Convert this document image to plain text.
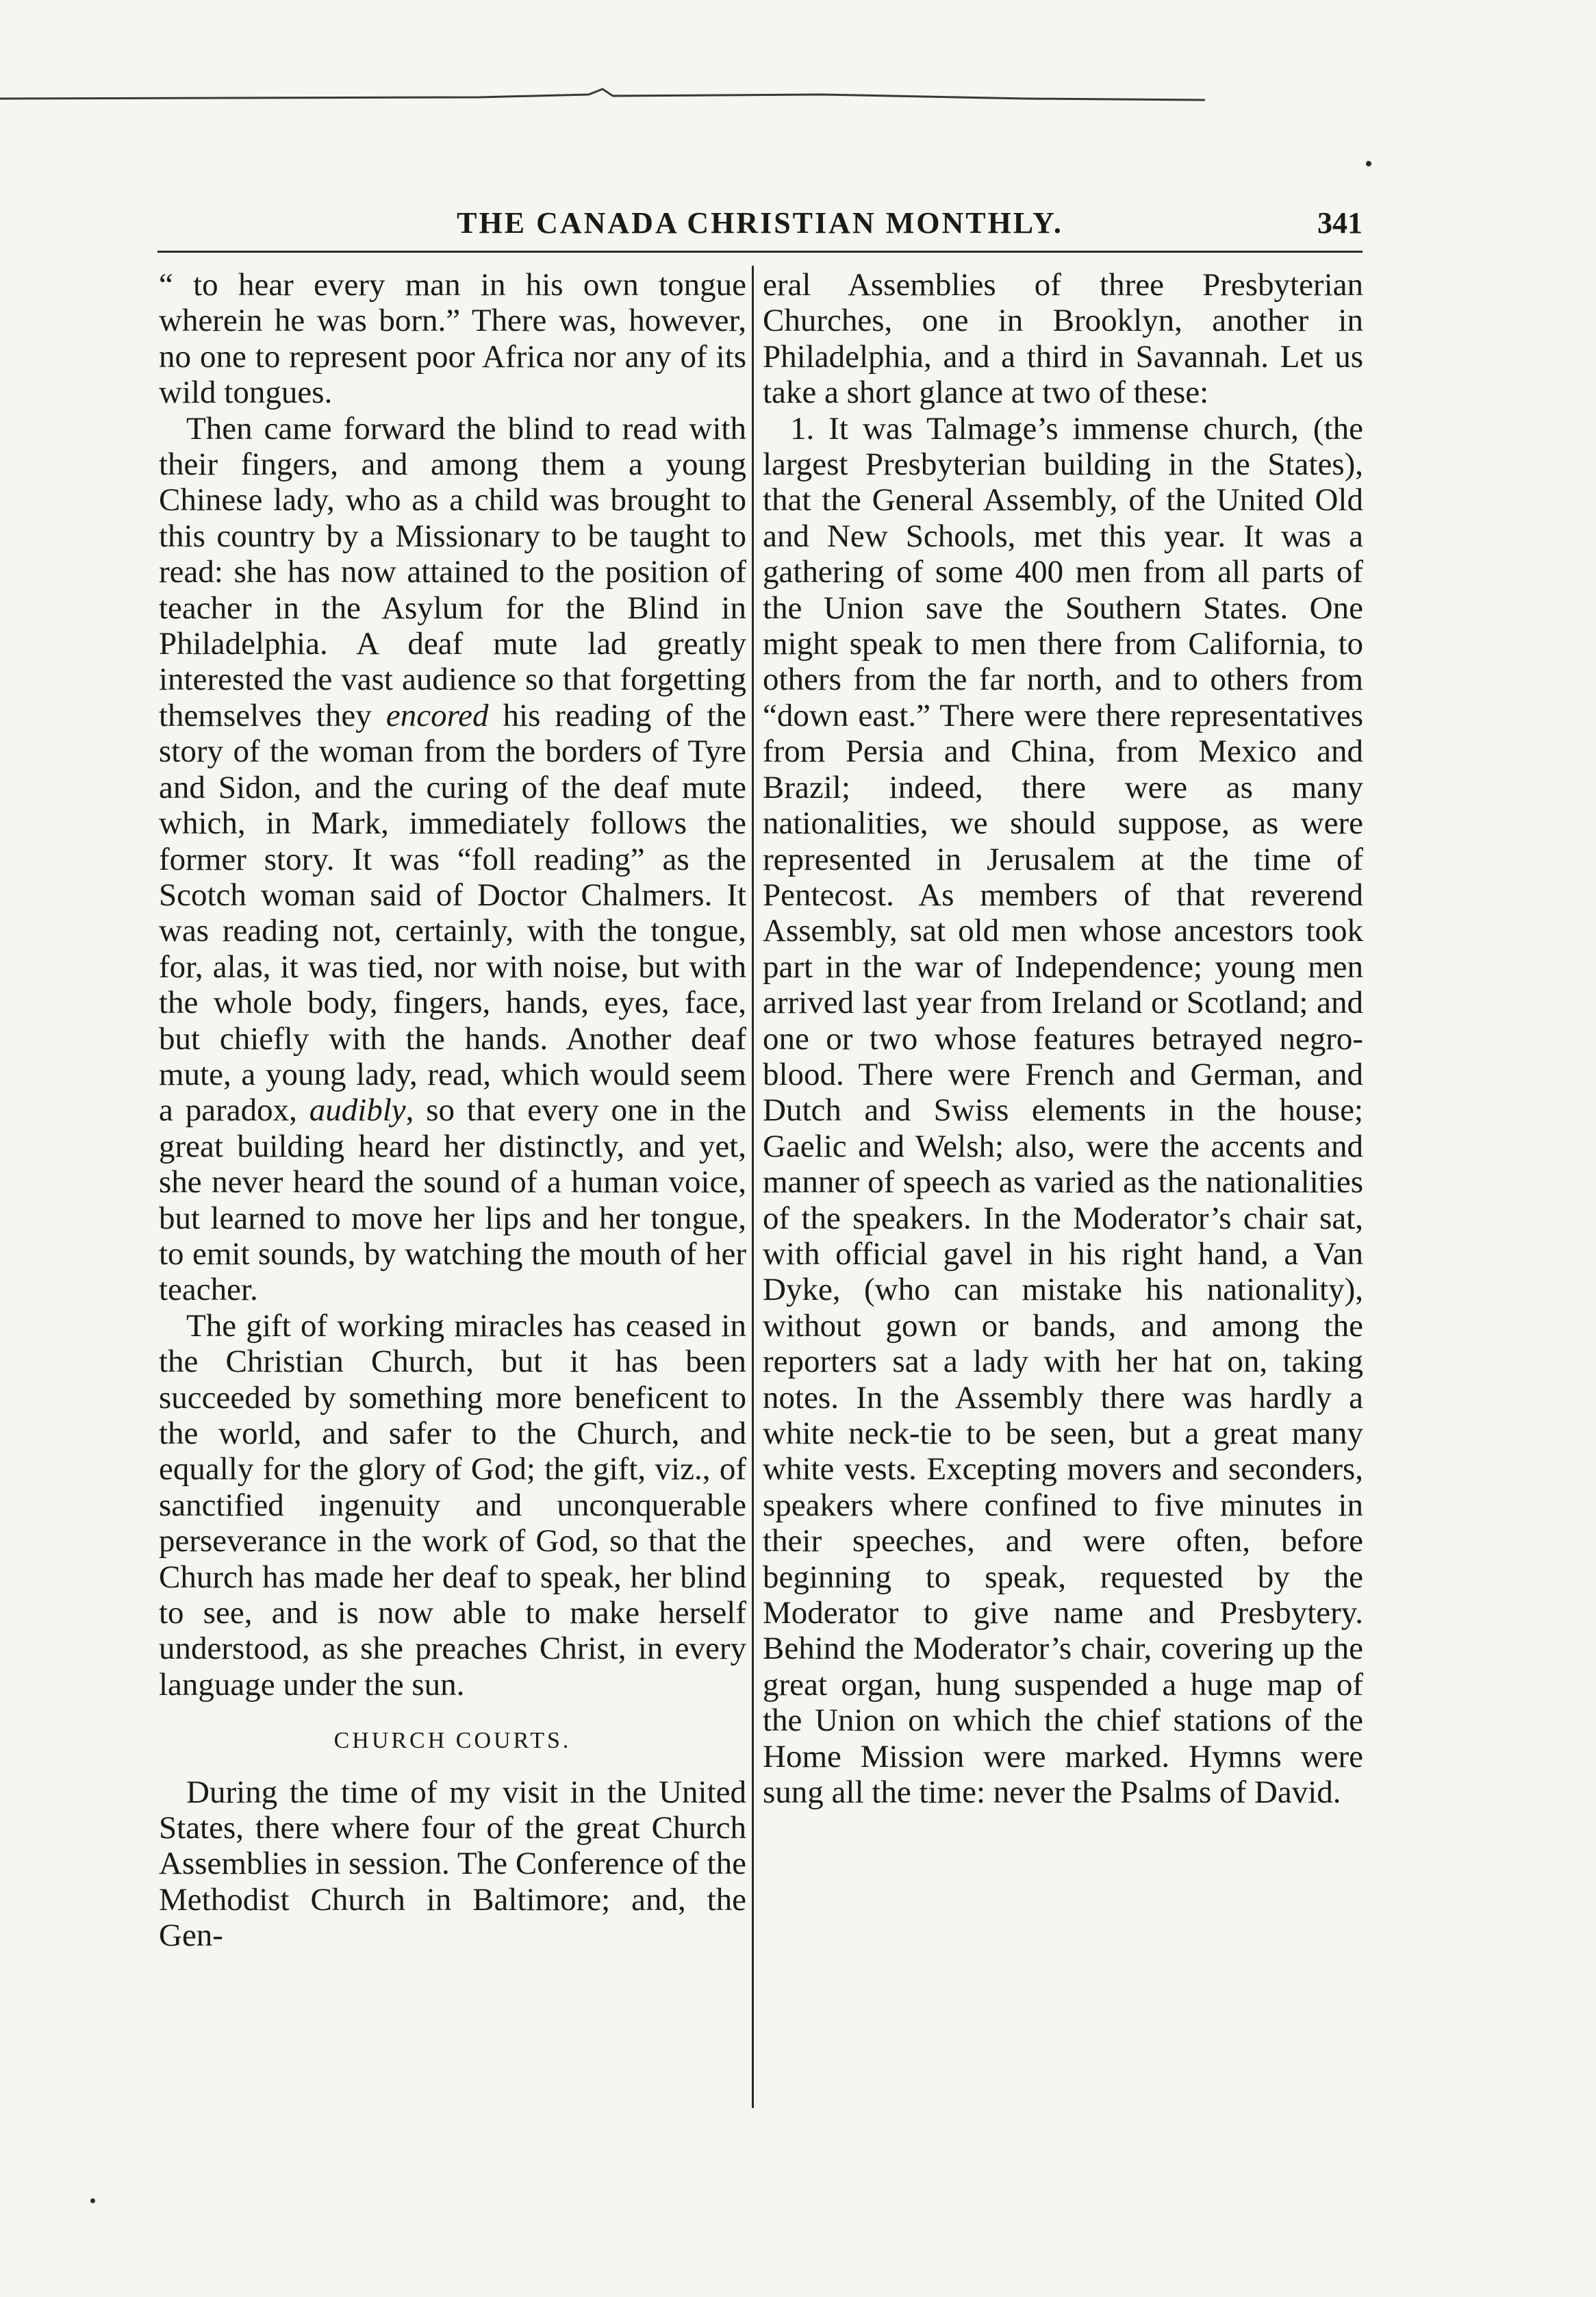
THE CANADA CHRISTIAN MONTHLY.	341

“ to hear every man in his own tongue wherein he was born.” There was, however, no one to represent poor Africa nor any of its wild tongues.

Then came forward the blind to read with their fingers, and among them a young Chinese lady, who as a child was brought to this country by a Missionary to be taught to read: she has now attained to the position of teacher in the Asylum for the Blind in Philadelphia. A deaf mute lad greatly interested the vast audience so that forgetting themselves they encored his reading of the story of the woman from the borders of Tyre and Sidon, and the curing of the deaf mute which, in Mark, immediately follows the former story. It was “foll reading” as the Scotch woman said of Doctor Chalmers. It was reading not, certainly, with the tongue, for, alas, it was tied, nor with noise, but with the whole body, fingers, hands, eyes, face, but chiefly with the hands. Another deaf mute, a young lady, read, which would seem a paradox, audibly, so that every one in the great building heard her distinctly, and yet, she never heard the sound of a human voice, but learned to move her lips and her tongue, to emit sounds, by watching the mouth of her teacher.

The gift of working miracles has ceased in the Christian Church, but it has been succeeded by something more beneficent to the world, and safer to the Church, and equally for the glory of God; the gift, viz., of sanctified ingenuity and unconquerable perseverance in the work of God, so that the Church has made her deaf to speak, her blind to see, and is now able to make herself understood, as she preaches Christ, in every language under the sun.

CHURCH COURTS.

During the time of my visit in the United States, there where four of the great Church Assemblies in session. The Conference of the Methodist Church in Baltimore; and, the Gen-

eral Assemblies of three Presbyterian Churches, one in Brooklyn, another in Philadelphia, and a third in Savannah. Let us take a short glance at two of these:

1. It was Talmage’s immense church, (the largest Presbyterian building in the States), that the General Assembly, of the United Old and New Schools, met this year. It was a gathering of some 400 men from all parts of the Union save the Southern States. One might speak to men there from California, to others from the far north, and to others from “down east.” There were there representatives from Persia and China, from Mexico and Brazil; indeed, there were as many nationalities, we should suppose, as were represented in Jerusalem at the time of Pentecost. As members of that reverend Assembly, sat old men whose ancestors took part in the war of Independence; young men arrived last year from Ireland or Scotland; and one or two whose features betrayed negro-blood. There were French and German, and Dutch and Swiss elements in the house; Gaelic and Welsh; also, were the accents and manner of speech as varied as the nationalities of the speakers. In the Moderator’s chair sat, with official gavel in his right hand, a Van Dyke, (who can mistake his nationality), without gown or bands, and among the reporters sat a lady with her hat on, taking notes. In the Assembly there was hardly a white neck-tie to be seen, but a great many white vests. Excepting movers and seconders, speakers where confined to five minutes in their speeches, and were often, before beginning to speak, requested by the Moderator to give name and Presbytery. Behind the Moderator’s chair, covering up the great organ, hung suspended a huge map of the Union on which the chief stations of the Home Mission were marked. Hymns were sung all the time: never the Psalms of David.
